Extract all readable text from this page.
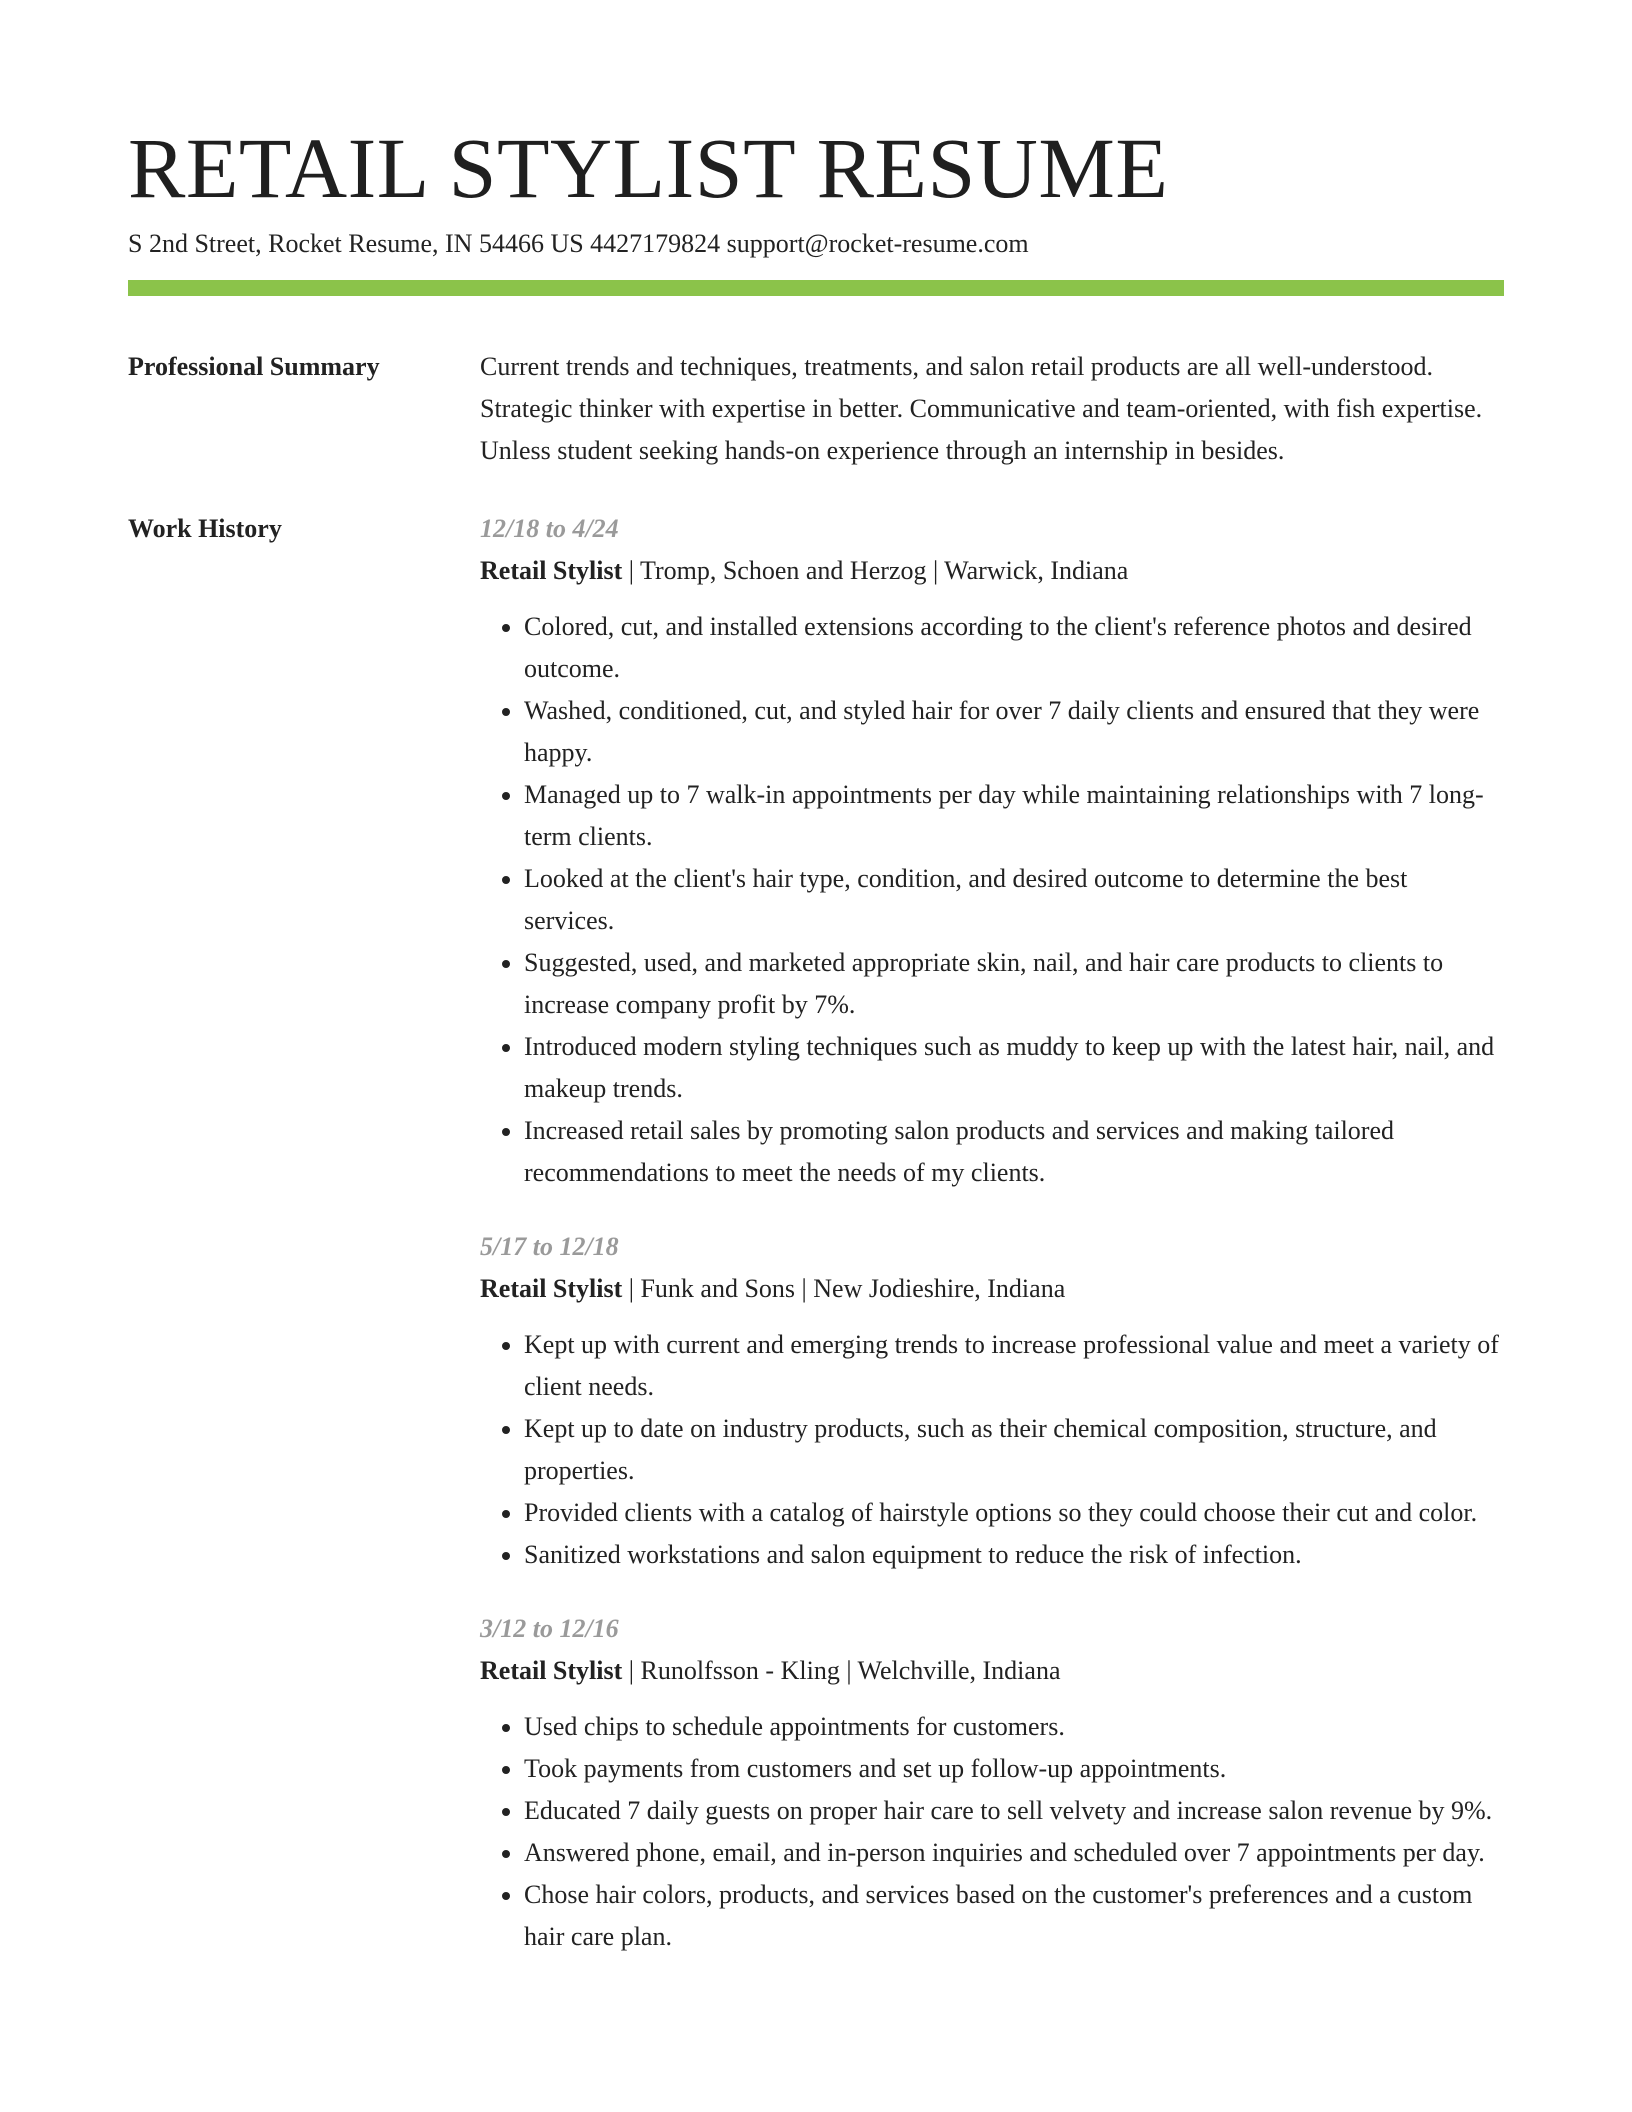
RETAIL STYLIST RESUME
S 2nd Street, Rocket Resume, IN 54466 US 4427179824 support@rocket-resume.com
Professional Summary	Current trends and techniques, treatments, and salon retail products are all well-understood. Strategic thinker with expertise in better. Communicative and team-oriented, with fish expertise. Unless student seeking hands-on experience through an internship in besides.

Work History	12/18 to 4/24
Retail Stylist | Tromp, Schoen and Herzog | Warwick, Indiana
• Colored, cut, and installed extensions according to the client's reference photos and desired outcome.
• Washed, conditioned, cut, and styled hair for over 7 daily clients and ensured that they were happy.
• Managed up to 7 walk-in appointments per day while maintaining relationships with 7 long-term clients.
• Looked at the client's hair type, condition, and desired outcome to determine the best services.
• Suggested, used, and marketed appropriate skin, nail, and hair care products to clients to increase company profit by 7%.
• Introduced modern styling techniques such as muddy to keep up with the latest hair, nail, and makeup trends.
• Increased retail sales by promoting salon products and services and making tailored recommendations to meet the needs of my clients.
5/17 to 12/18
Retail Stylist | Funk and Sons | New Jodieshire, Indiana
• Kept up with current and emerging trends to increase professional value and meet a variety of client needs.
• Kept up to date on industry products, such as their chemical composition, structure, and properties.
• Provided clients with a catalog of hairstyle options so they could choose their cut and color.
• Sanitized workstations and salon equipment to reduce the risk of infection.
3/12 to 12/16
Retail Stylist | Runolfsson - Kling | Welchville, Indiana
• Used chips to schedule appointments for customers.
• Took payments from customers and set up follow-up appointments.
• Educated 7 daily guests on proper hair care to sell velvety and increase salon revenue by 9%.
• Answered phone, email, and in-person inquiries and scheduled over 7 appointments per day.
• Chose hair colors, products, and services based on the customer's preferences and a custom hair care plan.
